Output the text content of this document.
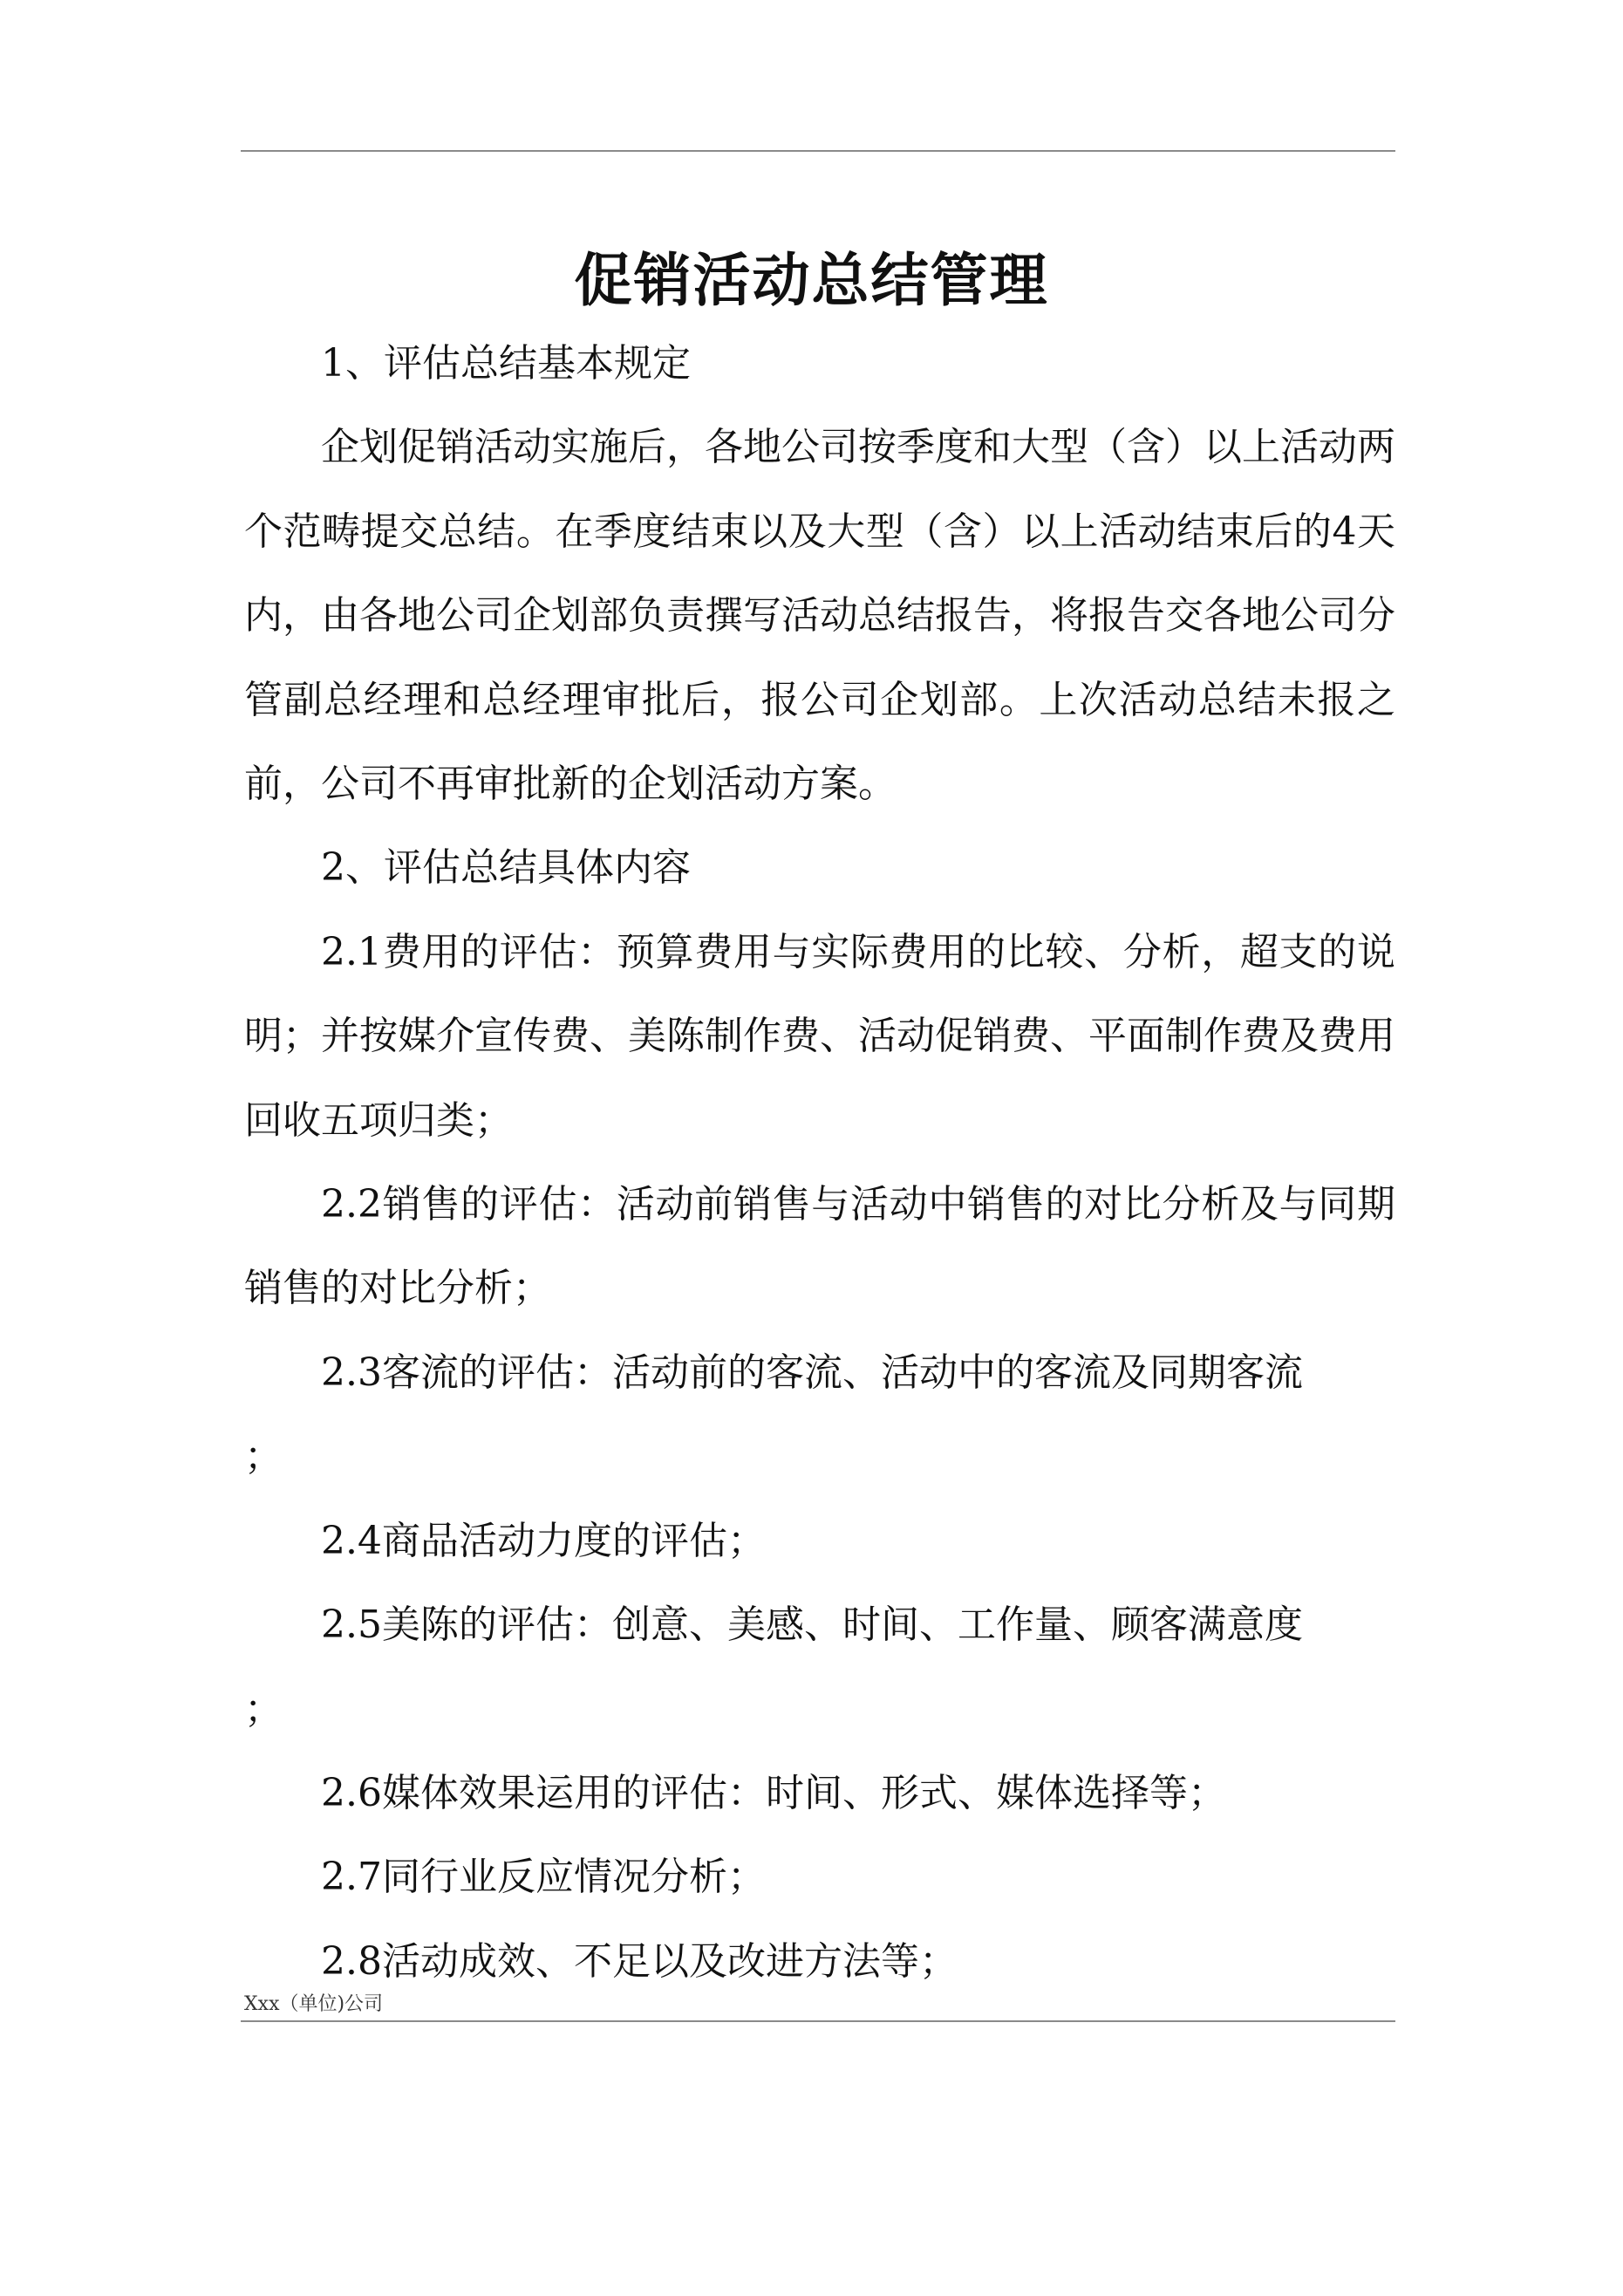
促销活动总结管理

1、评估总结基本规定

企划促销活动实施后，各地公司按季度和大型（含）以上活动两个范畴提交总结。在季度结束以及大型（含）以上活动结束后的4天内，由各地公司企划部负责撰写活动总结报告，将报告交各地公司分管副总经理和总经理审批后，报公司企划部。上次活动总结未报之前，公司不再审批新的企划活动方案。

2、评估总结具体内容

2.1费用的评估：预算费用与实际费用的比较、分析，超支的说明；并按媒介宣传费、美陈制作费、活动促销费、平面制作费及费用回收五项归类；

2.2销售的评估：活动前销售与活动中销售的对比分析及与同期销售的对比分析；

2.3客流的评估：活动前的客流、活动中的客流及同期客流

；

2.4商品活动力度的评估；

2.5美陈的评估：创意、美感、时间、工作量、顾客满意度

；

2.6媒体效果运用的评估：时间、形式、媒体选择等；

2.7同行业反应情况分析；

2.8活动成效、不足以及改进方法等；

Xxx（单位)公司
